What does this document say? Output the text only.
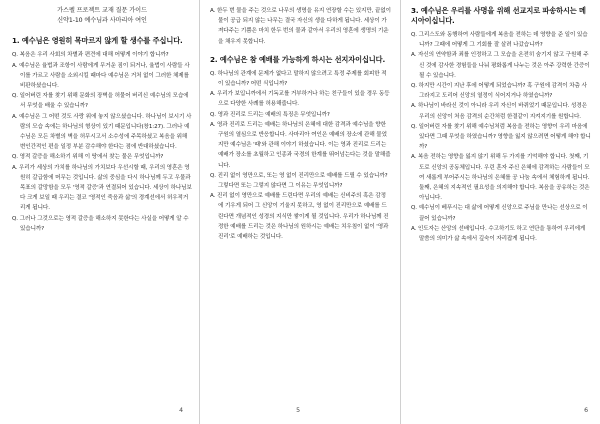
가스펠 프로젝트 교재 질문 가이드

신약1-10 예수님과 사마리아 여인

1. 예수님은 영원히 목마르지 않게 할 생수를 주십니다.

Q. 복음은 우리 사회의 차별과 편견에 대해 어떻게 이야기 합니까?

A. 예수님은 율법과 조항이 사람에게 무거운 짐이 되거나, 율법이 사람들 사이를 가르고 사람을 소외시킬 때마다 예수님은 거처 없이 그러한 체제를 비판하셨습니다.

Q. 일어버린 자를 찾기 위해 문화의 장벽을 허물어 버리신 예수님의 모습에서 무엇을 배울 수 있습니까?

A. 예수님은 그 어떤 것도 사랑 위에 놓지 않으셨습니다. 하나님이 보시기 사람의 모습 속에는 하나님의 형상이 있기 때문입니다(창1:27). 그러나 예수님은 모든 차별의 벽을 허무시고서 소수성에 주목하셨고 복음을 위해 변인간적인 편을 일정 부분 감수해야 한다는 점에 반대하셨습니다.

Q. 영적 갈증을 해소하기 위해 이 땅에서 찾는 물은 무엇입니까?

A. 우리가 세상의 가치를 하나님의 가치보다 우선시할 때, 우리의 영혼은 영원히 갈급함에 머무는 것입니다. 삶의 중심을 다시 하나님께 두고 우물과 목표의 갈망함을 모두 '영적 갈증'과 연결되어 있습니다. 세상이 하나님보다 크게 보일 때 우리는 결코 '영적인 죽음과 삶'의 경계선에서 허우적거리게 됩니다.

Q. 그러나 그것으로는 영적 갈증을 해소하지 못한다는 사실을 어떻게 알 수 있습니까?

4

A. 한두 번 물을 주는 것으로 나무의 생명을 유지 연장할 수는 있지만, 끝없이 물이 공급 되지 않는 나무는 결국 자신의 생을 다하게 됩니다. 세상이 가져다주는 기쁨은 마치 한두 번의 물과 같아서 우리의 영혼에 생명의 기운을 채우지 못합니다.

2. 예수님은 참 예배를 가능하게 하시는 선지자이십니다.

Q. 하나님의 관계에 문제가 없다고 말하지 않으려고 특정 주제를 회피한 적이 있습니까? 어떤 식입니까?

A. 우리가 보입니까에서 기독교를 거부하거나 하는 친구들이 있을 경우 동등으로 다양한 사례를 허용해줍니다.

Q. 영과 진리로 드리는 예배의 특징은 무엇입니까?

A. 영과 진리로 드리는 예배는 하나님의 은혜에 대한 감격과 예수님을 향한 구원의 열심으로 반응합니다. 사마리아 여인은 예배의 장소에 관해 물었지만 예수님은 '때'와 관해 이야기 하셨습니다. 이는 영과 진리로 드리는 예배가 장소를 초월하고 인종과 국경의 한계를 뛰어넘는다는 것을 말해줍니다.

Q. 진리 없이 영만으로, 또는 영 없이 진리만으로 예배를 드릴 수 있습니까? 그렇다면 또는 그렇지 않다면 그 이유는 무엇입니까?

A. 진리 없이 영만으로 예배를 드린다면 우리의 예배는 신비주의 혹은 감정에 기우게 되어 그 신앙이 기울지 못하고, 영 없이 진리만으로 예배를 드린다면 개념적인 성경의 지식만 쌓이게 될 것입니다. 우리가 하나님께 진정한 예배를 드리는 것은 하나님의 원하시는 예배는 치우침이 없이 '영과 진리'로 예배하는 것입니다.

5
3. 예수님은 우리를 사명을 위해 선교지로 파송하시는 메시아이십니다.

Q. 그리스도와 동행하여 사람들에게 복음을 전하는 데 영향을 준 일이 있습니까? 그때에 어떻게 그 기회를 잘 살려 나갔습니까?

A. 자신의 연약함과 죄를 인정하고 그 모습을 온전히 숨기지 않고 구원해 주신 것에 감사한 경험들을 나눠 평화롭게 나누는 것은 아주 강력한 간증이 될 수 있습니다.

Q. 하지만 시간이 지난 후에 어떻게 되었습니까? 혹 구원에 감격이 차츰 사그라지고 도리어 신앙의 열정이 식어지거나 하였습니까?

A. 하나님이 바라신 것이 아니라 우리 자신이 바뀌었기 때문입니다. 성경은 우리의 신앙이 처음 감격의 순간처럼 한결같이 지켜지기를 원합니다.

Q. 일어버린 자를 찾기 위해 예수님처럼 복음을 전하는 영향이 우리 마음에 있다면 그때 무엇을 하였습니까? 영향을 잃지 않으려면 어떻게 해야 합니까?

A. 복음 전하는 영향을 잃지 않기 위해 두 가지를 기억해야 합니다. 첫째, 기도로 신앙의 공동체입니다. 우린 혼자 주신 은혜에 감격하는 사람들이 모여 새롭게 부어주시는 하나님의 은혜를 공 나눔 속에서 체험하게 됩니다. 둘째, 은혜의 지속적인 필요성을 의지해야 합니다. 복음을 공유하는 것은 아닙니다.

Q. 예수님이 베푸시는 대 삶에 어떻게 신앙으로 주님을 만나는 선상으로 이끌어 있습니까?

A. 인도자는 산앙의 선배입니다. 수고하기도 하고 연단을 통하여 우리에게 말씀의 의미가 삶 속에서 깊숙이 자리잡게 됩니다.

6
